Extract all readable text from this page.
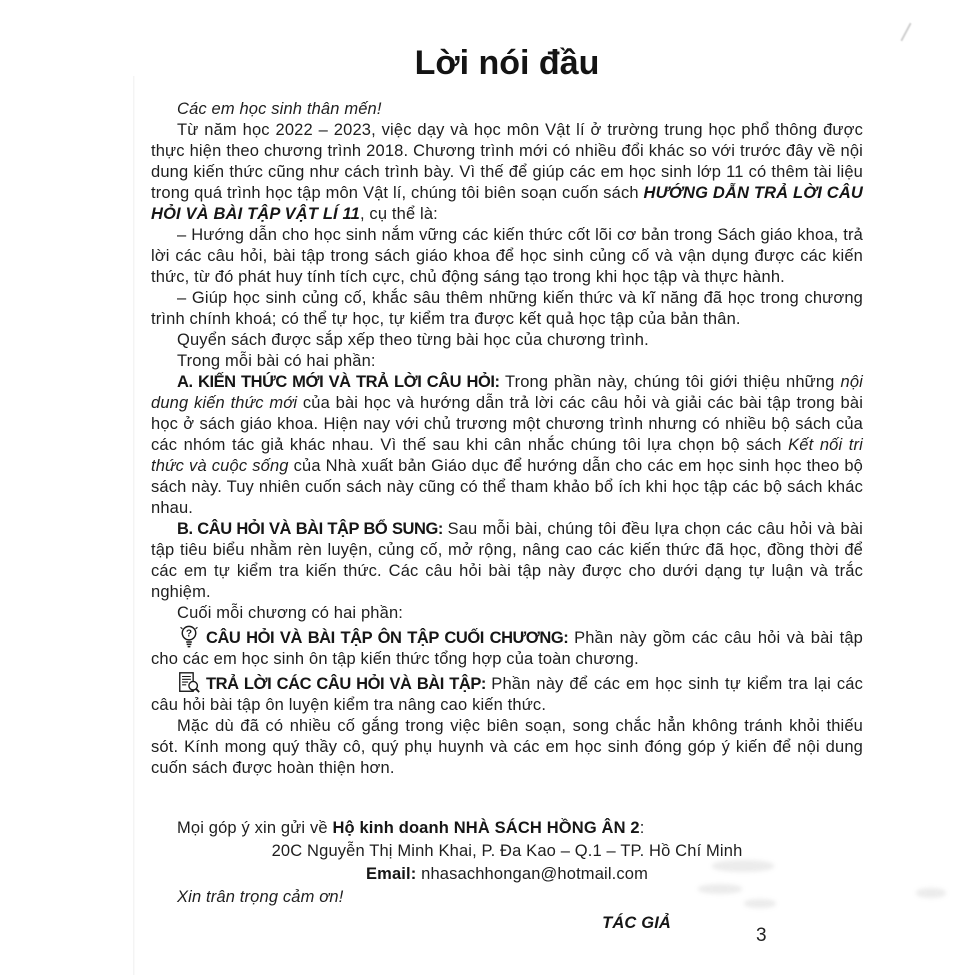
Lời nói đầu

Các em học sinh thân mến!

Từ năm học 2022 – 2023, việc dạy và học môn Vật lí ở trường trung học phổ thông được thực hiện theo chương trình 2018. Chương trình mới có nhiều đổi khác so với trước đây về nội dung kiến thức cũng như cách trình bày. Vì thế để giúp các em học sinh lớp 11 có thêm tài liệu trong quá trình học tập môn Vật lí, chúng tôi biên soạn cuốn sách HƯỚNG DẪN TRẢ LỜI CÂU HỎI VÀ BÀI TẬP VẬT LÍ 11, cụ thể là:

– Hướng dẫn cho học sinh nắm vững các kiến thức cốt lõi cơ bản trong Sách giáo khoa, trả lời các câu hỏi, bài tập trong sách giáo khoa để học sinh củng cố và vận dụng được các kiến thức, từ đó phát huy tính tích cực, chủ động sáng tạo trong khi học tập và thực hành.

– Giúp học sinh củng cố, khắc sâu thêm những kiến thức và kĩ năng đã học trong chương trình chính khoá; có thể tự học, tự kiểm tra được kết quả học tập của bản thân.

Quyển sách được sắp xếp theo từng bài học của chương trình.

Trong mỗi bài có hai phần:

A. KIẾN THỨC MỚI VÀ TRẢ LỜI CÂU HỎI: Trong phần này, chúng tôi giới thiệu những nội dung kiến thức mới của bài học và hướng dẫn trả lời các câu hỏi và giải các bài tập trong bài học ở sách giáo khoa. Hiện nay với chủ trương một chương trình nhưng có nhiều bộ sách của các nhóm tác giả khác nhau. Vì thế sau khi cân nhắc chúng tôi lựa chọn bộ sách Kết nối tri thức và cuộc sống của Nhà xuất bản Giáo dục để hướng dẫn cho các em học sinh học theo bộ sách này. Tuy nhiên cuốn sách này cũng có thể tham khảo bổ ích khi học tập các bộ sách khác nhau.

B. CÂU HỎI VÀ BÀI TẬP BỔ SUNG: Sau mỗi bài, chúng tôi đều lựa chọn các câu hỏi và bài tập tiêu biểu nhằm rèn luyện, củng cố, mở rộng, nâng cao các kiến thức đã học, đồng thời để các em tự kiểm tra kiến thức. Các câu hỏi bài tập này được cho dưới dạng tự luận và trắc nghiệm.

Cuối mỗi chương có hai phần:

? CÂU HỎI VÀ BÀI TẬP ÔN TẬP CUỐI CHƯƠNG: Phần này gồm các câu hỏi và bài tập cho các em học sinh ôn tập kiến thức tổng hợp của toàn chương.

TRẢ LỜI CÁC CÂU HỎI VÀ BÀI TẬP: Phần này để các em học sinh tự kiểm tra lại các câu hỏi bài tập ôn luyện kiểm tra nâng cao kiến thức.

Mặc dù đã có nhiều cố gắng trong việc biên soạn, song chắc hẳn không tránh khỏi thiếu sót. Kính mong quý thầy cô, quý phụ huynh và các em học sinh đóng góp ý kiến để nội dung cuốn sách được hoàn thiện hơn.

Mọi góp ý xin gửi về Hộ kinh doanh NHÀ SÁCH HỒNG ÂN 2:

20C Nguyễn Thị Minh Khai, P. Đa Kao – Q.1 – TP. Hồ Chí Minh

Email: nhasachhongan@hotmail.com

Xin trân trọng cảm ơn!

TÁC GIẢ

3
